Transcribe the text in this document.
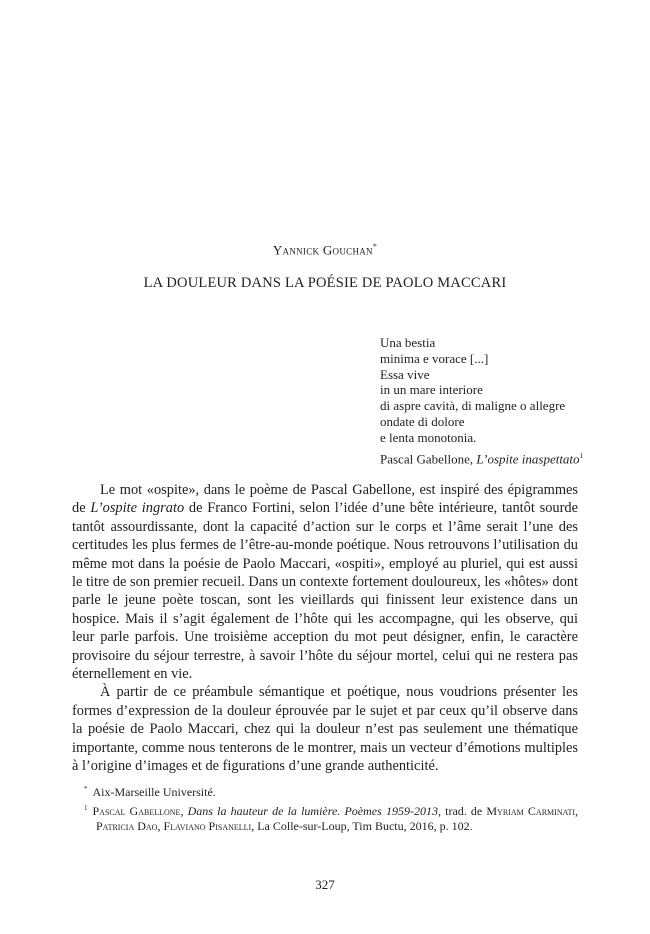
Yannick Gouchan*
LA DOULEUR DANS LA POÉSIE DE PAOLO MACCARI
Una bestia
minima e vorace [...]
Essa vive
in un mare interiore
di aspre cavità, di maligne o allegre
ondate di dolore
e lenta monotonia.
Pascal Gabellone, L’ospite inaspettato$^1$

Le mot «ospite», dans le poème de Pascal Gabellone, est inspiré des épigrammes de L’ospite ingrato de Franco Fortini, selon l’idée d’une bête intérieure, tantôt sourde tantôt assourdissante, dont la capacité d’action sur le corps et l’âme serait l’une des certitudes les plus fermes de l’être-au-monde poétique. Nous retrouvons l’utilisation du même mot dans la poésie de Paolo Maccari, «ospiti», employé au pluriel, qui est aussi le titre de son premier recueil. Dans un contexte fortement douloureux, les «hôtes» dont parle le jeune poète toscan, sont les vieillards qui finissent leur existence dans un hospice. Mais il s’agit également de l’hôte qui les accompagne, qui les observe, qui leur parle parfois. Une troisième acception du mot peut désigner, enfin, le caractère provisoire du séjour terrestre, à savoir l’hôte du séjour mortel, celui qui ne restera pas éternellement en vie.

À partir de ce préambule sémantique et poétique, nous voudrions présenter les formes d’expression de la douleur éprouvée par le sujet et par ceux qu’il observe dans la poésie de Paolo Maccari, chez qui la douleur n’est pas seulement une thématique importante, comme nous tenterons de le montrer, mais un vecteur d’émotions multiples à l’origine d’images et de figurations d’une grande authenticité.

* Aix-Marseille Université.

$^1$ Pascal Gabellone, Dans la hauteur de la lumière. Poèmes 1959-2013, trad. de Myriam Carminati, Patricia Dao, Flaviano Pisanelli, La Colle-sur-Loup, Tim Buctu, 2016, p. 102.

327
